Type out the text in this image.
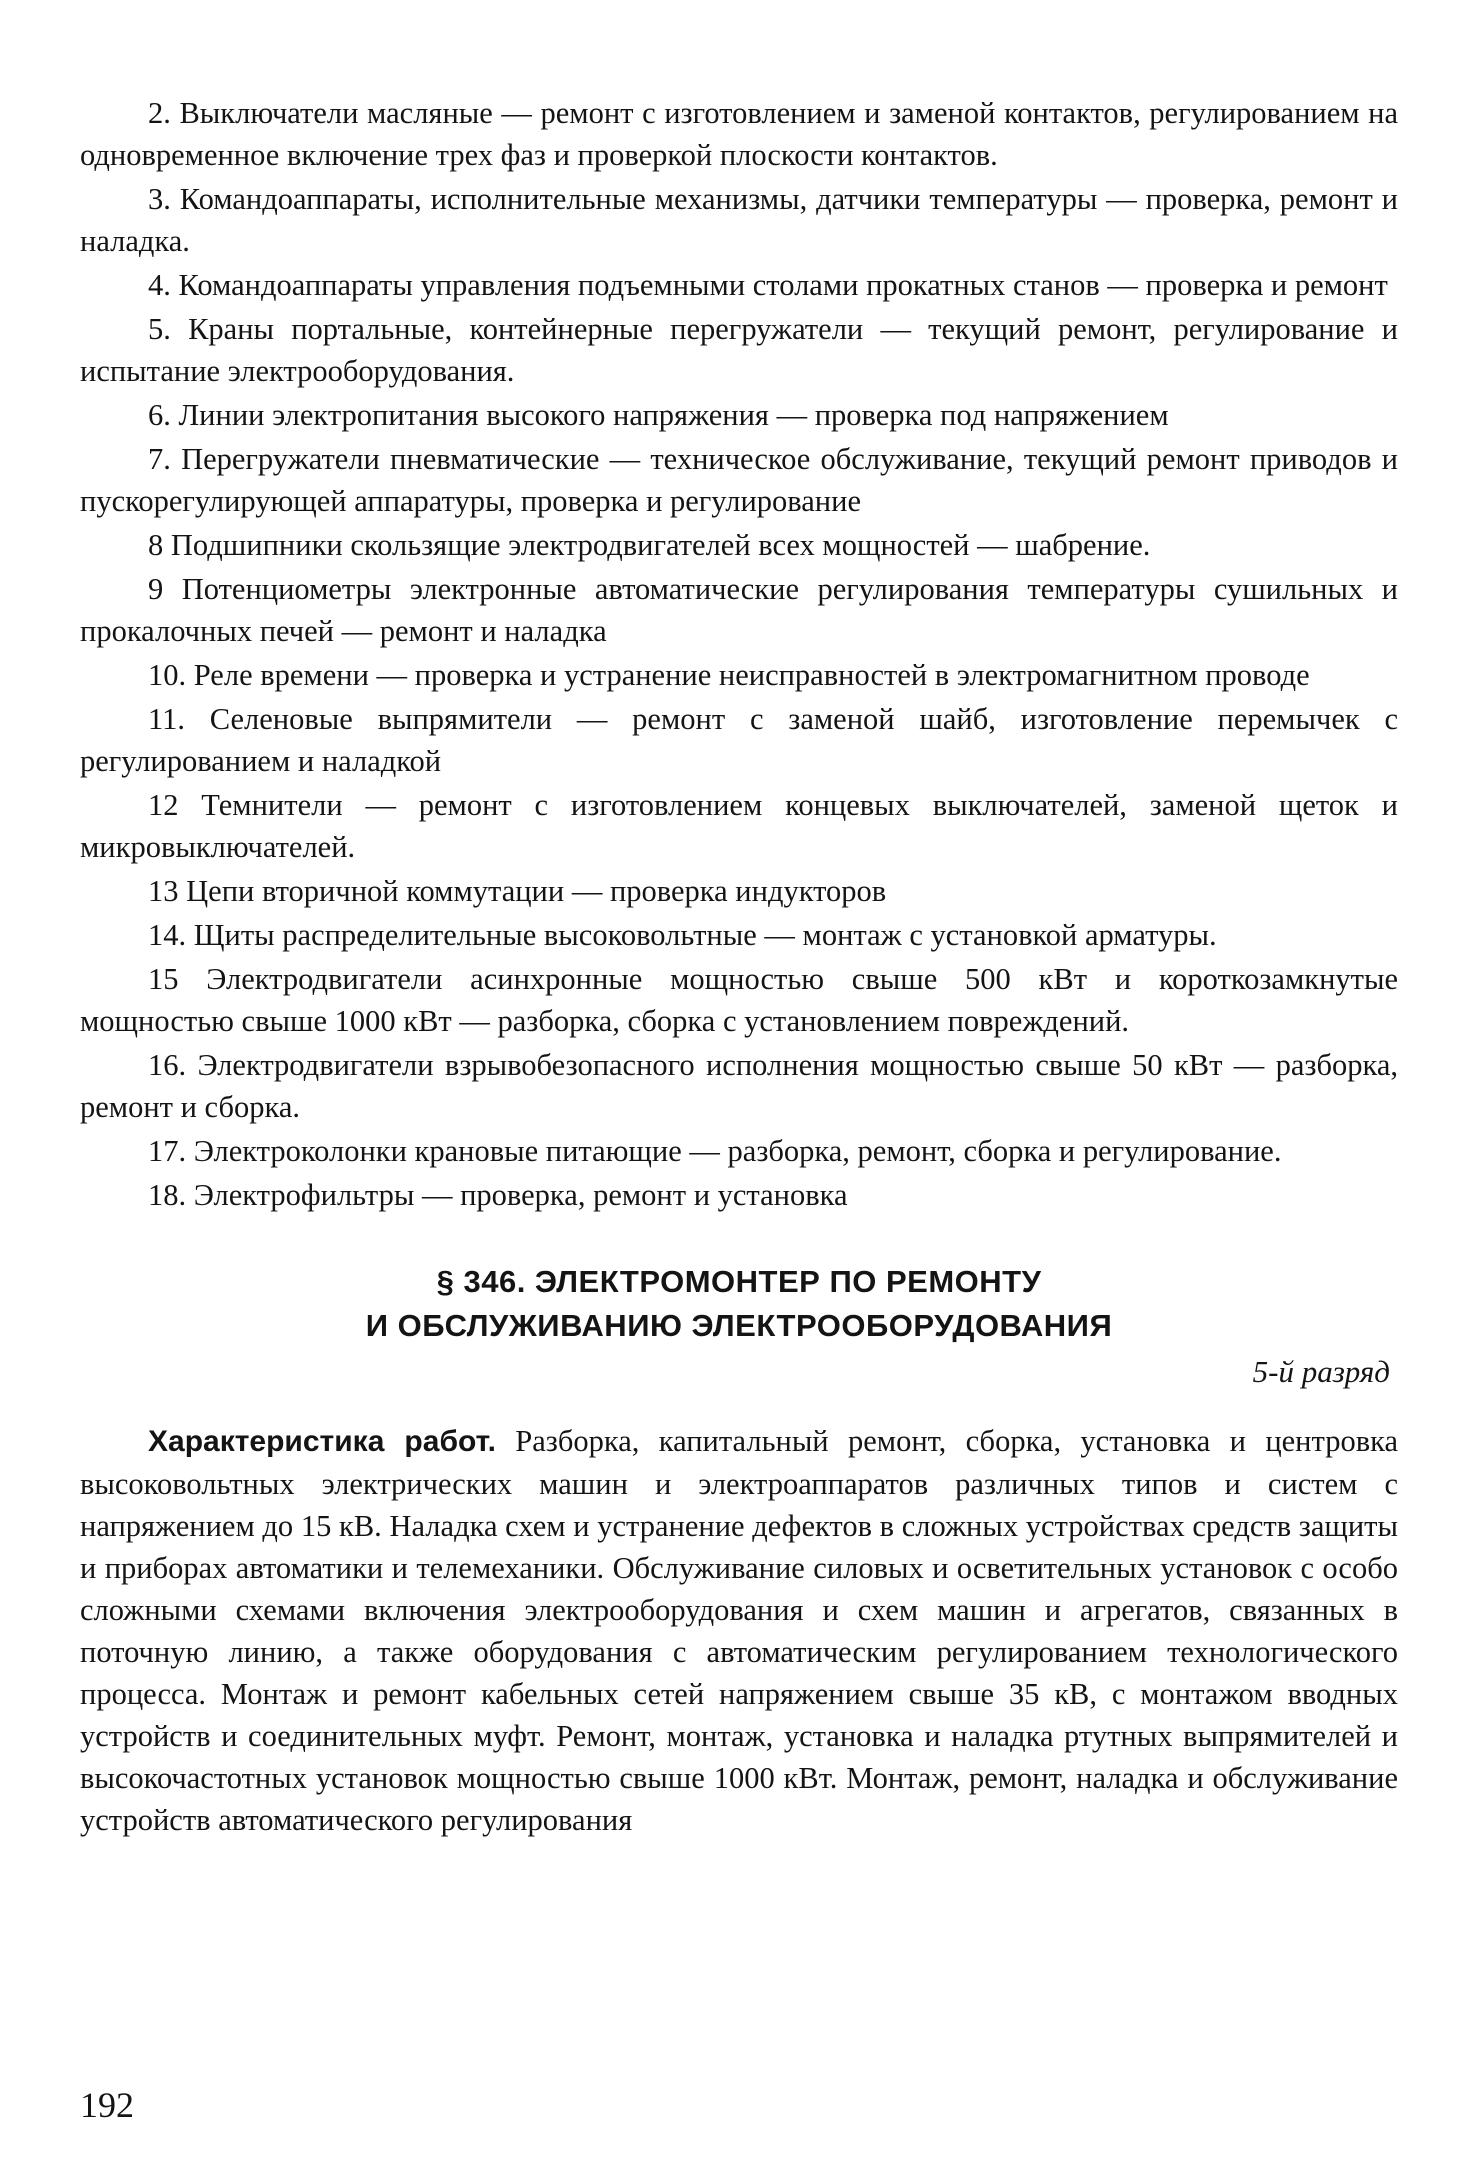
2. Выключатели масляные — ремонт с изготовлением и заменой контактов, регулированием на одновременное включение трех фаз и проверкой плоскости контактов.

3. Командоаппараты, исполнительные механизмы, датчики температуры — проверка, ремонт и наладка.

4. Командоаппараты управления подъемными столами прокатных станов — проверка и ремонт

5. Краны портальные, контейнерные перегружатели — текущий ремонт, регулирование и испытание электрооборудования.

6. Линии электропитания высокого напряжения — проверка под напряжением

7. Перегружатели пневматические — техническое обслуживание, текущий ремонт приводов и пускорегулирующей аппаратуры, проверка и регулирование

8 Подшипники скользящие электродвигателей всех мощностей — шабрение.

9 Потенциометры электронные автоматические регулирования температуры сушильных и прокалочных печей — ремонт и наладка

10. Реле времени — проверка и устранение неисправностей в электромагнитном проводе

11. Селеновые выпрямители — ремонт с заменой шайб, изготовление перемычек с регулированием и наладкой

12 Темнители — ремонт с изготовлением концевых выключателей, заменой щеток и микровыключателей.

13 Цепи вторичной коммутации — проверка индукторов

14. Щиты распределительные высоковольтные — монтаж с установкой арматуры.

15 Электродвигатели асинхронные мощностью свыше 500 кВт и короткозамкнутые мощностью свыше 1000 кВт — разборка, сборка с установлением повреждений.

16. Электродвигатели взрывобезопасного исполнения мощностью свыше 50 кВт — разборка, ремонт и сборка.

17. Электроколонки крановые питающие — разборка, ремонт, сборка и регулирование.

18. Электрофильтры — проверка, ремонт и установка

§ 346. ЭЛЕКТРОМОНТЕР ПО РЕМОНТУ
И ОБСЛУЖИВАНИЮ ЭЛЕКТРООБОРУДОВАНИЯ
5-й разряд

Характеристика работ. Разборка, капитальный ремонт, сборка, установка и центровка высоковольтных электрических машин и электроаппаратов различных типов и систем с напряжением до 15 кВ. Наладка схем и устранение дефектов в сложных устройствах средств защиты и приборах автоматики и телемеханики. Обслуживание силовых и осветительных установок с особо сложными схемами включения электрооборудования и схем машин и агрегатов, связанных в поточную линию, а также оборудования с автоматическим регулированием технологического процесса. Монтаж и ремонт кабельных сетей напряжением свыше 35 кВ, с монтажом вводных устройств и соединительных муфт. Ремонт, монтаж, установка и наладка ртутных выпрямителей и высокочастотных установок мощностью свыше 1000 кВт. Монтаж, ремонт, наладка и обслуживание устройств автоматического регулирования

192
